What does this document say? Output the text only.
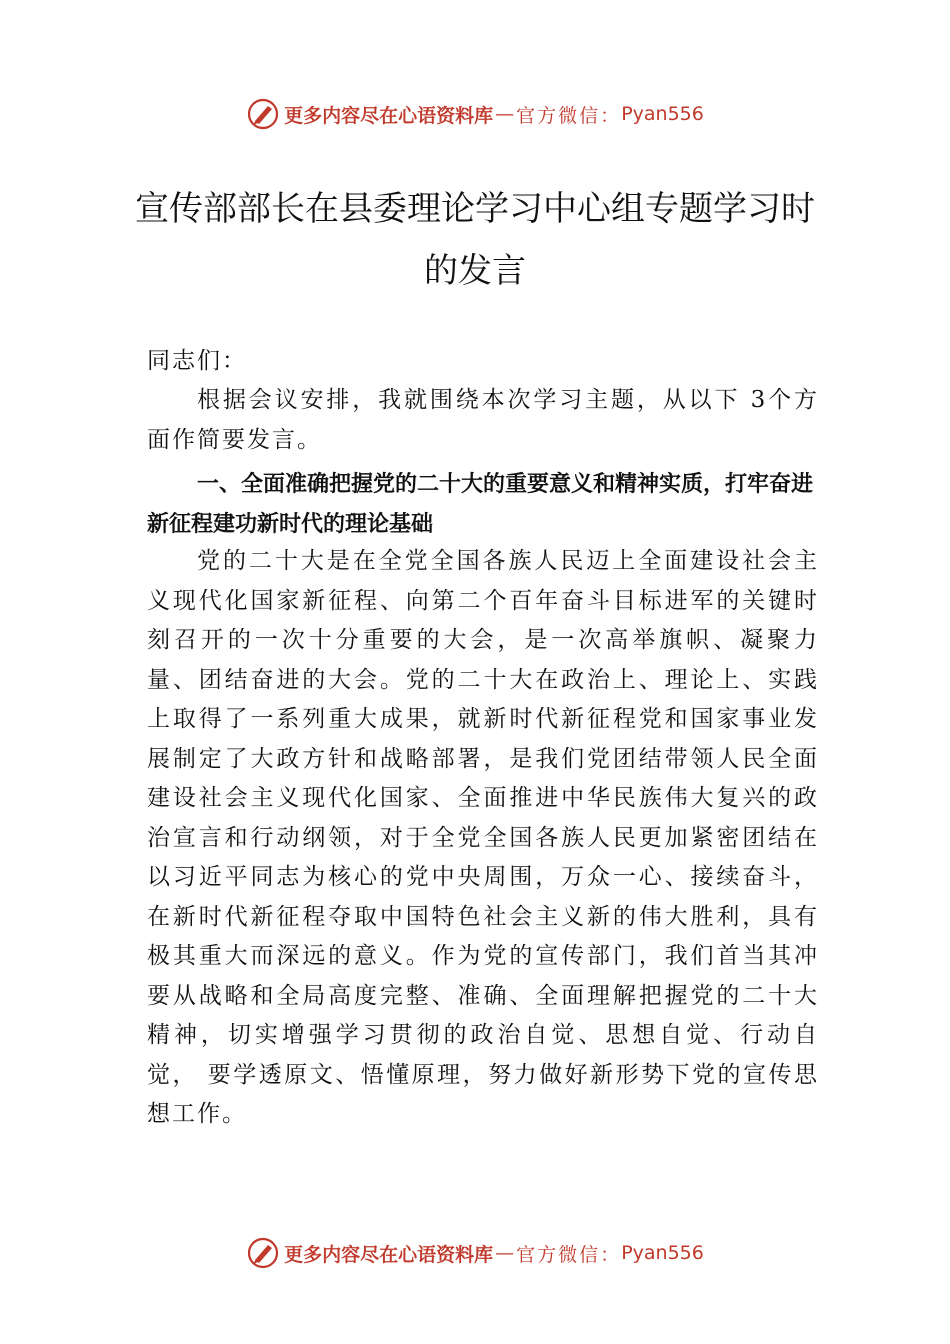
更多内容尽在心语资料库 — 官方微信： Pyan556
宣传部部长在县委理论学习中心组专题学习时的发言
同志们：
根据会议安排，我就围绕本次学习主题，从以下 3个方面作简要发言。
一、全面准确把握党的二十大的重要意义和精神实质，打牢奋进新征程建功新时代的理论基础
党的二十大是在全党全国各族人民迈上全面建设社会主义现代化国家新征程、向第二个百年奋斗目标进军的关键时刻召开的一次十分重要的大会，是一次高举旗帜、凝聚力量、团结奋进的大会。党的二十大在政治上、理论上、实践上取得了一系列重大成果，就新时代新征程党和国家事业发展制定了大政方针和战略部署，是我们党团结带领人民全面建设社会主义现代化国家、全面推进中华民族伟大复兴的政治宣言和行动纲领，对于全党全国各族人民更加紧密团结在以习近平同志为核心的党中央周围，万众一心、接续奋斗， 在新时代新征程夺取中国特色社会主义新的伟大胜利，具有极其重大而深远的意义。作为党的宣传部门，我们首当其冲要从战略和全局高度完整、准确、全面理解把握党的二十大精神，切实增强学习贯彻的政治自觉、思想自觉、行动自觉， 要学透原文、悟懂原理，努力做好新形势下党的宣传思想工作。
更多内容尽在心语资料库 — 官方微信： Pyan556
